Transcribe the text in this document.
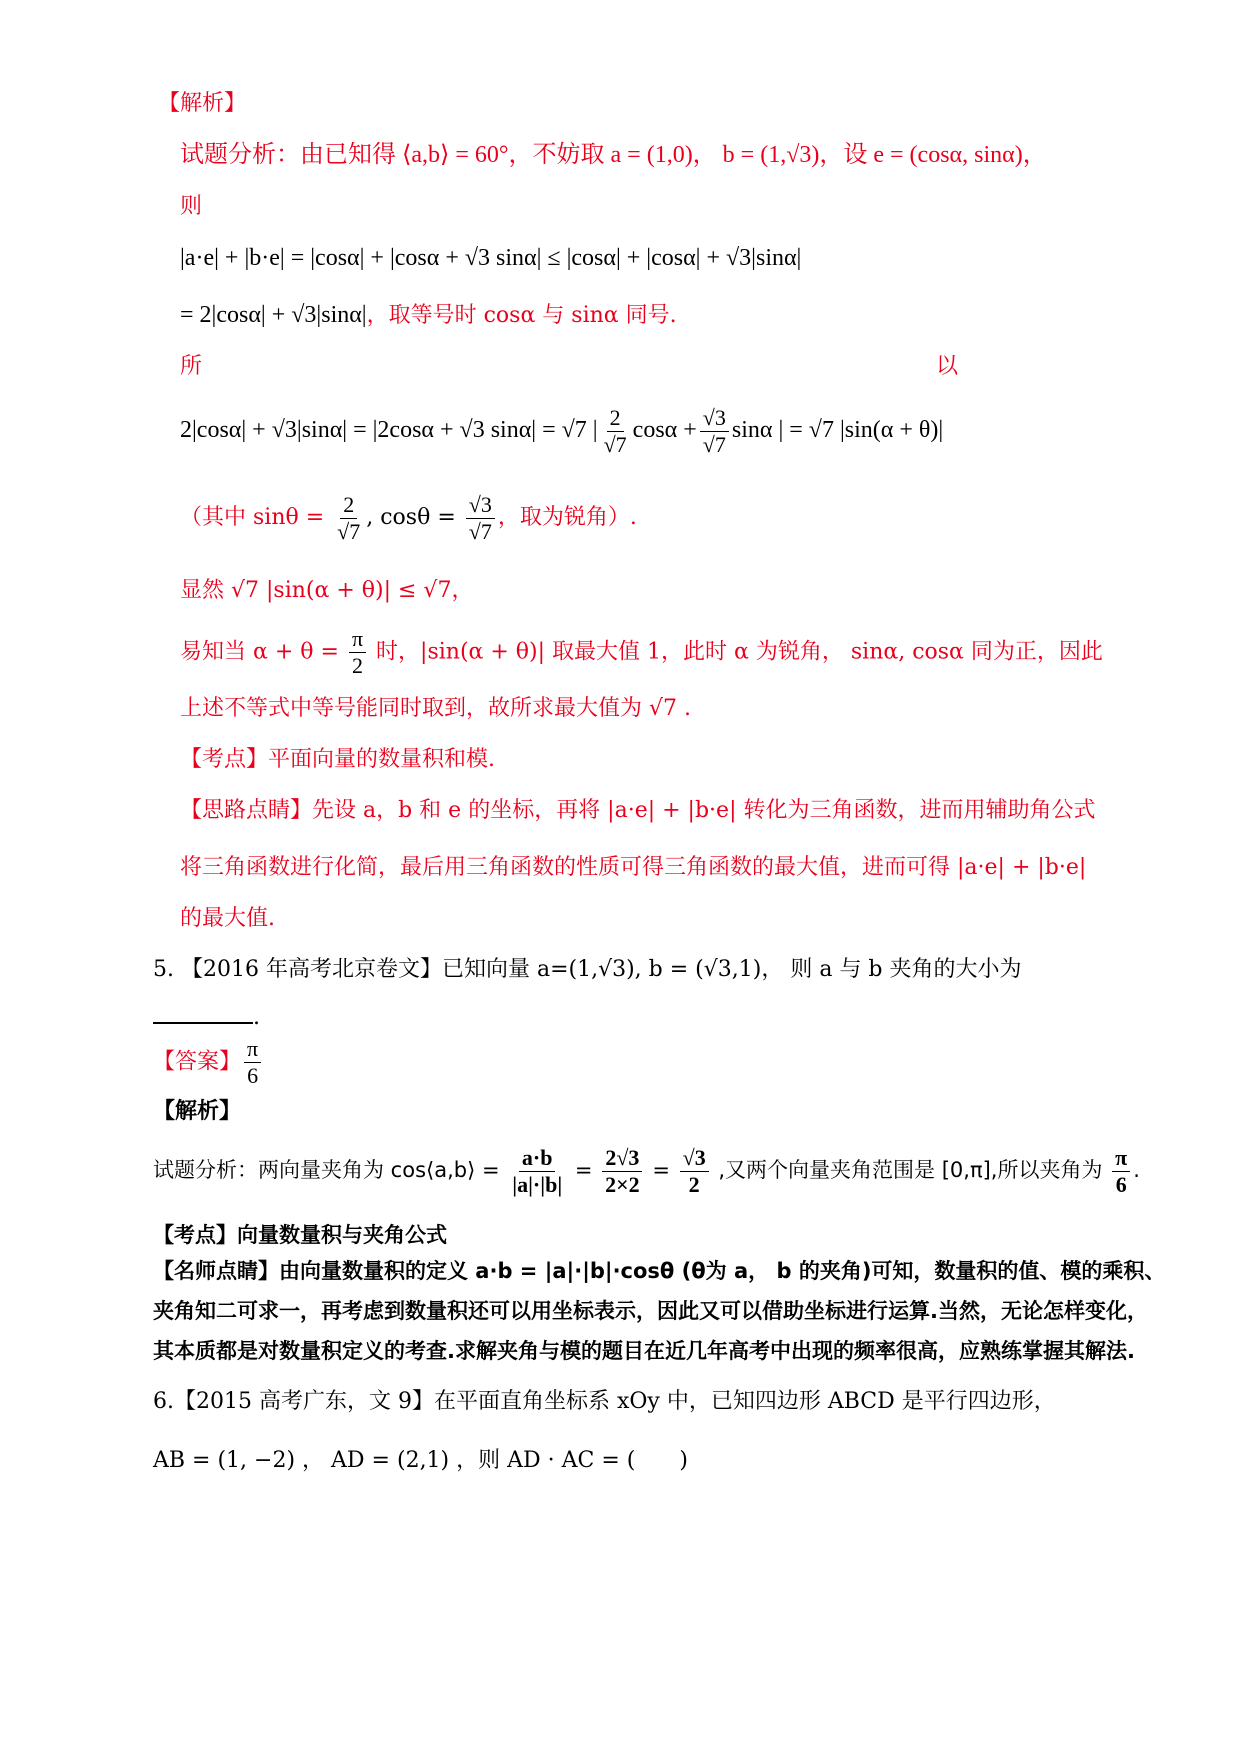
【解析】
试题分析：由已知得 ⟨a,b⟩ = 60°，不妨取 a = (1,0)， b = (1,√3)，设 e = (cosα, sinα)，
则
|a·e| + |b·e| = |cosα| + |cosα + √3 sinα| ≤ |cosα| + |cosα| + √3|sinα|
= 2|cosα| + √3|sinα|，取等号时 cosα 与 sinα 同号.
所	以
2|cosα| + √3|sinα| = |2cosα + √3 sinα| = √7 | $\frac{2}{√7}$ $\cos\alpha + \frac{√3}{√7}$ sinα | = √7 |sin(α + θ)|
（其中 $\sin\theta = \frac{2}{√7}$ , $\cos\theta = \frac{√3}{√7}$ ，取为锐角）.
显然 √7 |sin(α + θ)| ≤ √7，
易知当 $\alpha + \theta = \frac{\pi}{2}$ 时，|sin(α + θ)| 取最大值 1，此时 α 为锐角， sinα, cosα 同为正，因此
上述不等式中等号能同时取到，故所求最大值为 √7 .
【考点】平面向量的数量积和模.
【思路点睛】先设 a，b 和 e 的坐标，再将 |a·e| + |b·e| 转化为三角函数，进而用辅助角公式
将三角函数进行化简，最后用三角函数的性质可得三角函数的最大值，进而可得 |a·e| + |b·e|
的最大值.
5. 【2016 年高考北京卷文】已知向量 a=(1,√3), b = (√3,1)， 则 a 与 b 夹角的大小为
.
【答案】 $\frac{\pi}{6}$
【解析】
试题分析：两向量夹角为 cos⟨a,b⟩ = $\frac{a\cdot b}{|a|\cdot|b|} = \frac{2√3}{2\times 2} = \frac{√3}{2}$ ,又两个向量夹角范围是 [0,π],所以夹角为 $\frac{\pi}{6}$ .
【考点】向量数量积与夹角公式
【名师点睛】由向量数量积的定义 a·b = |a|·|b|·cosθ (θ为 a， b 的夹角)可知，数量积的值、模的乘积、
夹角知二可求一，再考虑到数量积还可以用坐标表示，因此又可以借助坐标进行运算.当然，无论怎样变化，
其本质都是对数量积定义的考查.求解夹角与模的题目在近几年高考中出现的频率很高，应熟练掌握其解法.
6.【2015 高考广东，文 9】在平面直角坐标系 xOy 中，已知四边形 ABCD 是平行四边形，
AB = (1, −2) ， AD = (2,1) ，则 AD · AC = (　　)
